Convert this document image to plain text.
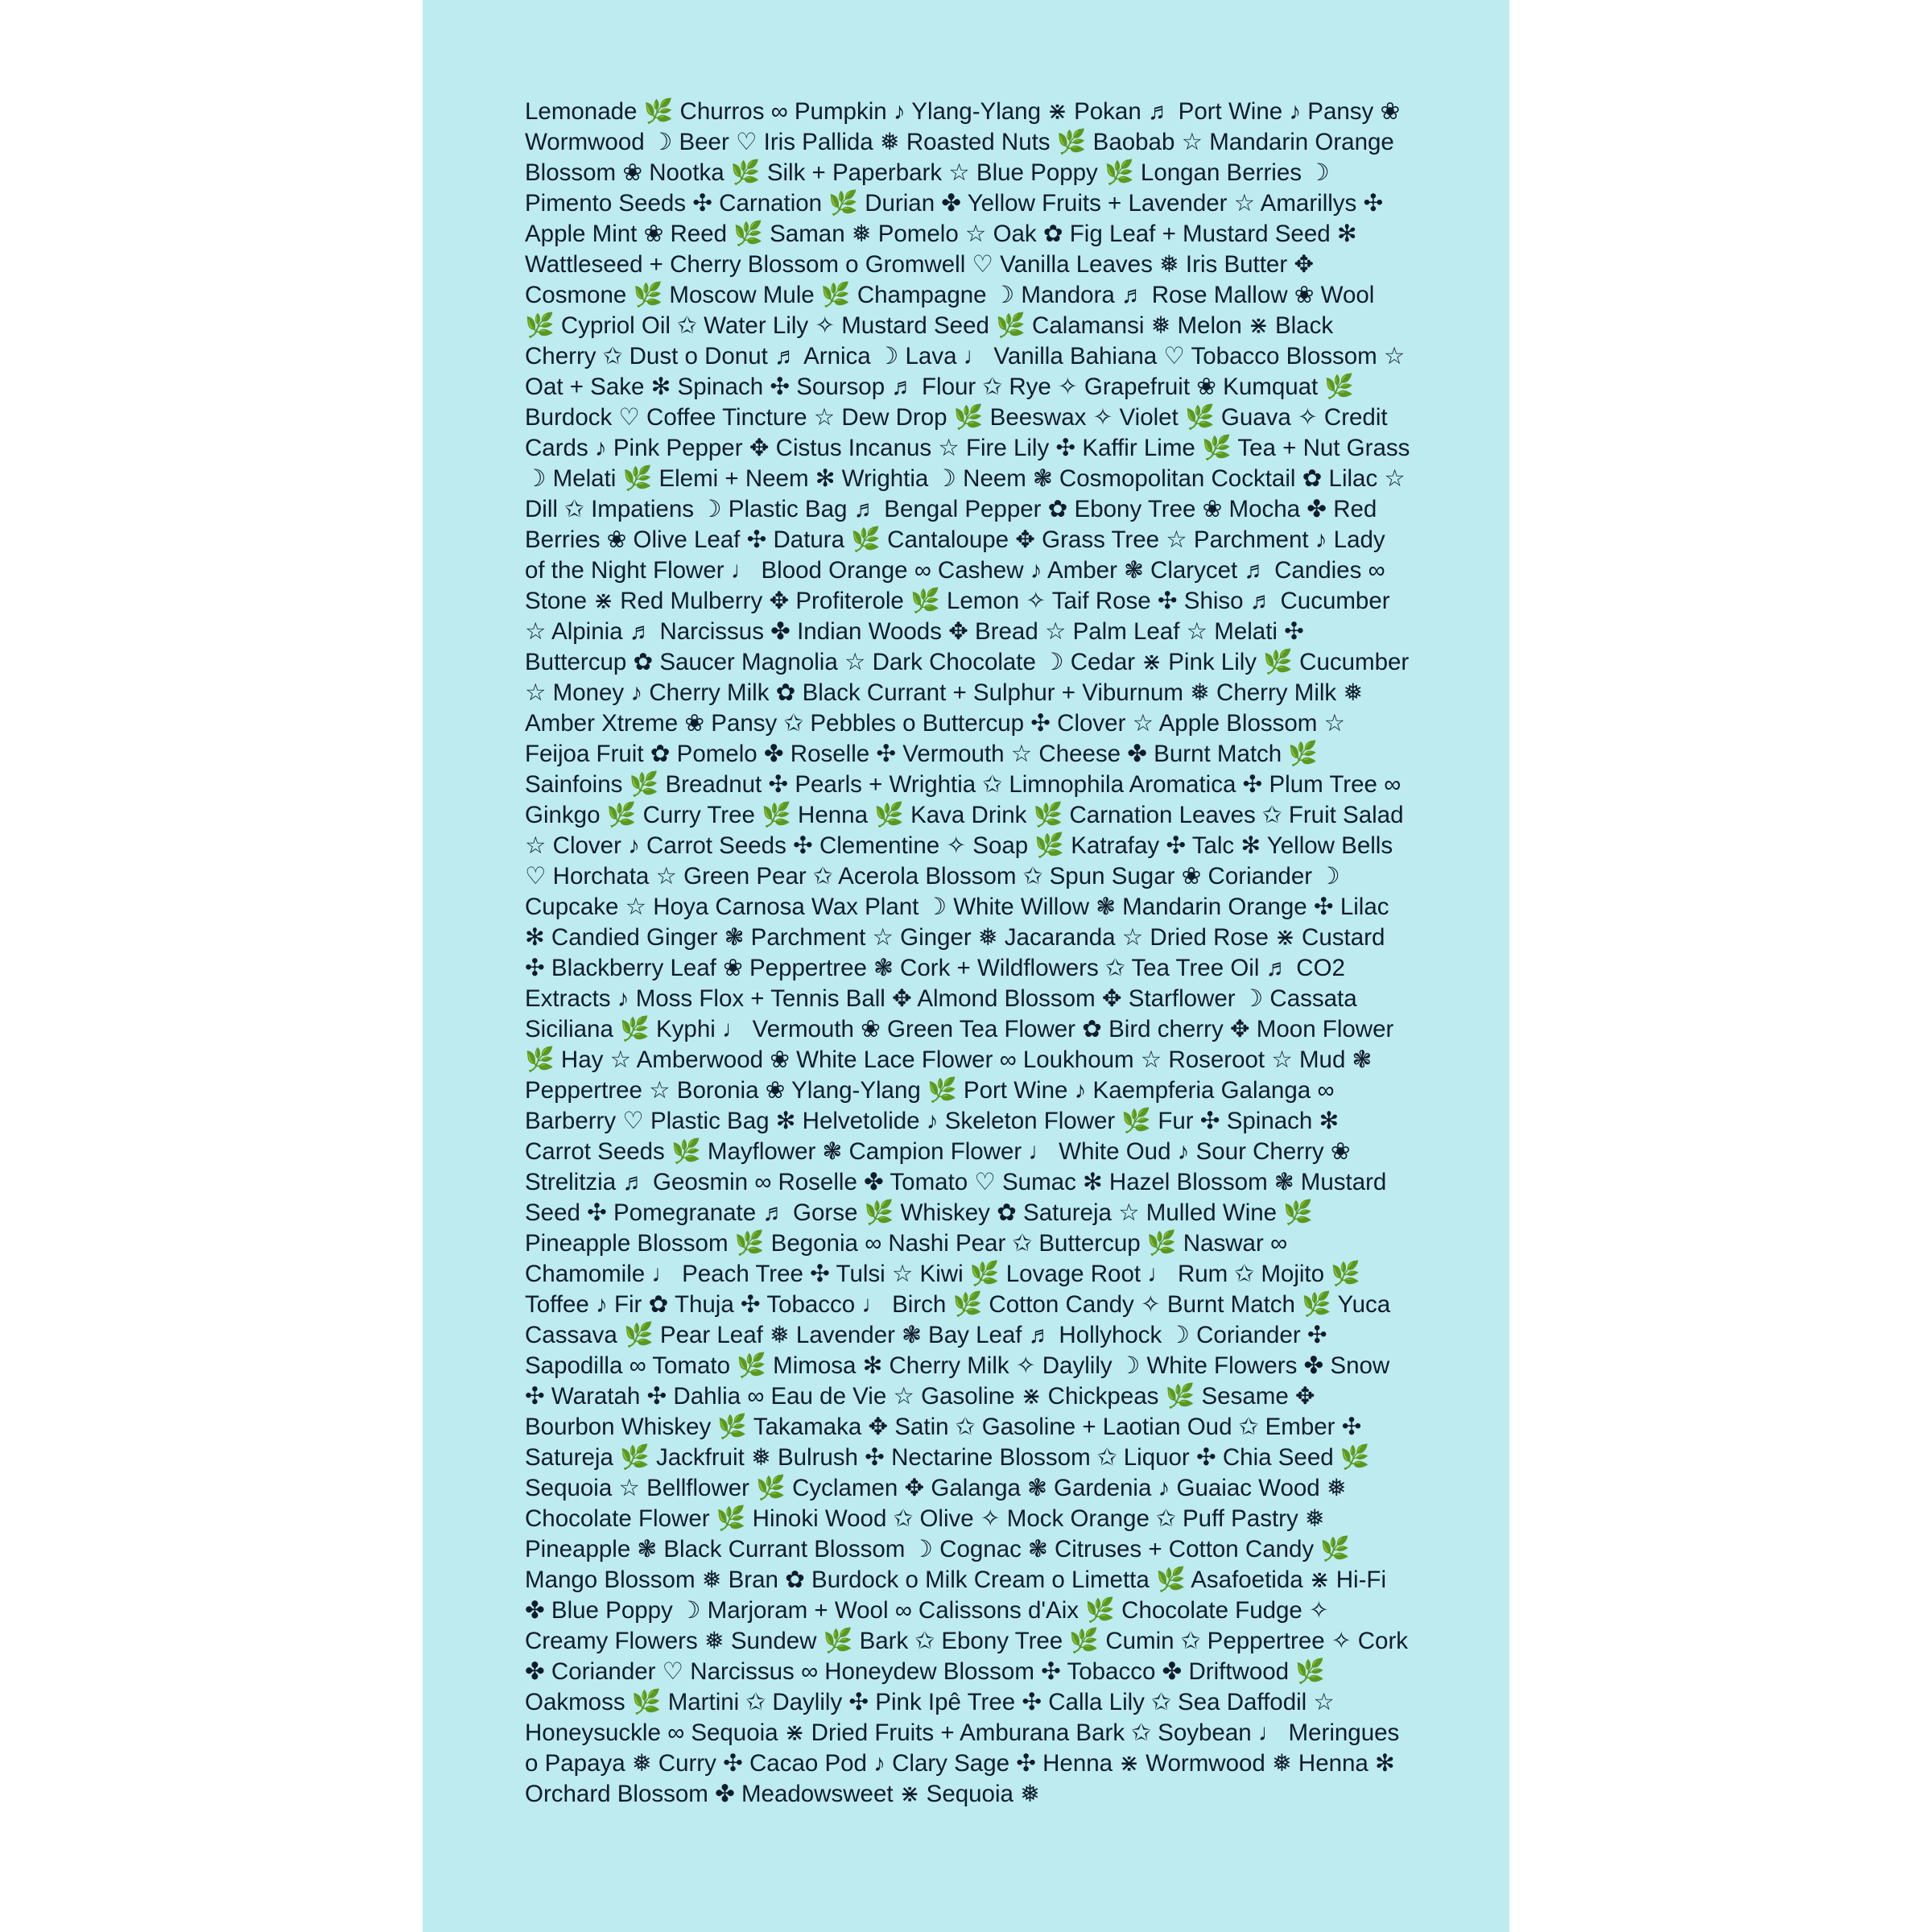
Lemonade 🌿 Churros ∞ Pumpkin ♪ Ylang-Ylang ⋇ Pokan ♬ Port Wine ♪ Pansy ❀ Wormwood ☽ Beer ♡ Iris Pallida ❅ Roasted Nuts 🌿 Baobab ☆ Mandarin Orange Blossom ❀ Nootka 🌿 Silk + Paperbark ☆ Blue Poppy 🌿 Longan Berries ☽ Pimento Seeds ✣ Carnation 🌿 Durian ✤ Yellow Fruits + Lavender ☆ Amarillys ✣ Apple Mint ❀ Reed 🌿 Saman ❅ Pomelo ☆ Oak ✿ Fig Leaf + Mustard Seed ✻ Wattleseed + Cherry Blossom o Gromwell ♡ Vanilla Leaves ❅ Iris Butter ✥ Cosmone 🌿 Moscow Mule 🌿 Champagne ☽ Mandora ♬ Rose Mallow ❀ Wool 🌿 Cypriol Oil ✩ Water Lily ✧ Mustard Seed 🌿 Calamansi ❅ Melon ⋇ Black Cherry ✩ Dust o Donut ♬ Arnica ☽ Lava ♩ Vanilla Bahiana ♡ Tobacco Blossom ☆ Oat + Sake ✻ Spinach ✣ Soursop ♬ Flour ✩ Rye ✧ Grapefruit ❀ Kumquat 🌿 Burdock ♡ Coffee Tincture ☆ Dew Drop 🌿 Beeswax ✧ Violet 🌿 Guava ✧ Credit Cards ♪ Pink Pepper ✥ Cistus Incanus ☆ Fire Lily ✣ Kaffir Lime 🌿 Tea + Nut Grass ☽ Melati 🌿 Elemi + Neem ✻ Wrightia ☽ Neem ❃ Cosmopolitan Cocktail ✿ Lilac ☆ Dill ✩ Impatiens ☽ Plastic Bag ♬ Bengal Pepper ✿ Ebony Tree ❀ Mocha ✤ Red Berries ❀ Olive Leaf ✣ Datura 🌿 Cantaloupe ✥ Grass Tree ☆ Parchment ♪ Lady of the Night Flower ♩ Blood Orange ∞ Cashew ♪ Amber ❃ Clarycet ♬ Candies ∞ Stone ⋇ Red Mulberry ✥ Profiterole 🌿 Lemon ✧ Taif Rose ✣ Shiso ♬ Cucumber ☆ Alpinia ♬ Narcissus ✤ Indian Woods ✥ Bread ☆ Palm Leaf ☆ Melati ✣ Buttercup ✿ Saucer Magnolia ☆ Dark Chocolate ☽ Cedar ⋇ Pink Lily 🌿 Cucumber ☆ Money ♪ Cherry Milk ✿ Black Currant + Sulphur + Viburnum ❅ Cherry Milk ❅ Amber Xtreme ❀ Pansy ✩ Pebbles o Buttercup ✣ Clover ☆ Apple Blossom ☆ Feijoa Fruit ✿ Pomelo ✤ Roselle ✣ Vermouth ☆ Cheese ✤ Burnt Match 🌿 Sainfoins 🌿 Breadnut ✣ Pearls + Wrightia ✩ Limnophila Aromatica ✣ Plum Tree ∞ Ginkgo 🌿 Curry Tree 🌿 Henna 🌿 Kava Drink 🌿 Carnation Leaves ✩ Fruit Salad ☆ Clover ♪ Carrot Seeds ✣ Clementine ✧ Soap 🌿 Katrafay ✣ Talc ✻ Yellow Bells ♡ Horchata ☆ Green Pear ✩ Acerola Blossom ✩ Spun Sugar ❀ Coriander ☽ Cupcake ☆ Hoya Carnosa Wax Plant ☽ White Willow ❃ Mandarin Orange ✣ Lilac ✻ Candied Ginger ❃ Parchment ☆ Ginger ❅ Jacaranda ☆ Dried Rose ⋇ Custard ✣ Blackberry Leaf ❀ Peppertree ❃ Cork + Wildflowers ✩ Tea Tree Oil ♬ CO2 Extracts ♪ Moss Flox + Tennis Ball ✥ Almond Blossom ✥ Starflower ☽ Cassata Siciliana 🌿 Kyphi ♩ Vermouth ❀ Green Tea Flower ✿ Bird cherry ✥ Moon Flower 🌿 Hay ☆ Amberwood ❀ White Lace Flower ∞ Loukhoum ☆ Roseroot ☆ Mud ❃ Peppertree ☆ Boronia ❀ Ylang-Ylang 🌿 Port Wine ♪ Kaempferia Galanga ∞ Barberry ♡ Plastic Bag ✻ Helvetolide ♪ Skeleton Flower 🌿 Fur ✣ Spinach ✻ Carrot Seeds 🌿 Mayflower ❃ Campion Flower ♩ White Oud ♪ Sour Cherry ❀ Strelitzia ♬ Geosmin ∞ Roselle ✤ Tomato ♡ Sumac ✻ Hazel Blossom ❃ Mustard Seed ✣ Pomegranate ♬ Gorse 🌿 Whiskey ✿ Satureja ☆ Mulled Wine 🌿 Pineapple Blossom 🌿 Begonia ∞ Nashi Pear ✩ Buttercup 🌿 Naswar ∞ Chamomile ♩ Peach Tree ✣ Tulsi ☆ Kiwi 🌿 Lovage Root ♩ Rum ✩ Mojito 🌿 Toffee ♪ Fir ✿ Thuja ✣ Tobacco ♩ Birch 🌿 Cotton Candy ✧ Burnt Match 🌿 Yuca Cassava 🌿 Pear Leaf ❅ Lavender ❃ Bay Leaf ♬ Hollyhock ☽ Coriander ✣ Sapodilla ∞ Tomato 🌿 Mimosa ✻ Cherry Milk ✧ Daylily ☽ White Flowers ✤ Snow ✣ Waratah ✣ Dahlia ∞ Eau de Vie ☆ Gasoline ⋇ Chickpeas 🌿 Sesame ✥ Bourbon Whiskey 🌿 Takamaka ✥ Satin ✩ Gasoline + Laotian Oud ✩ Ember ✣ Satureja 🌿 Jackfruit ❅ Bulrush ✣ Nectarine Blossom ✩ Liquor ✣ Chia Seed 🌿 Sequoia ☆ Bellflower 🌿 Cyclamen ✥ Galanga ❃ Gardenia ♪ Guaiac Wood ❅ Chocolate Flower 🌿 Hinoki Wood ✩ Olive ✧ Mock Orange ✩ Puff Pastry ❅ Pineapple ❃ Black Currant Blossom ☽ Cognac ❃ Citruses + Cotton Candy 🌿 Mango Blossom ❅ Bran ✿ Burdock o Milk Cream o Limetta 🌿 Asafoetida ⋇ Hi-Fi ✤ Blue Poppy ☽ Marjoram + Wool ∞ Calissons d'Aix 🌿 Chocolate Fudge ✧ Creamy Flowers ❅ Sundew 🌿 Bark ✩ Ebony Tree 🌿 Cumin ✩ Peppertree ✧ Cork ✤ Coriander ♡ Narcissus ∞ Honeydew Blossom ✣ Tobacco ✤ Driftwood 🌿 Oakmoss 🌿 Martini ✩ Daylily ✣ Pink Ipê Tree ✣ Calla Lily ✩ Sea Daffodil ☆ Honeysuckle ∞ Sequoia ⋇ Dried Fruits + Amburana Bark ✩ Soybean ♩ Meringues o Papaya ❅ Curry ✣ Cacao Pod ♪ Clary Sage ✣ Henna ⋇ Wormwood ❅ Henna ✻ Orchard Blossom ✤ Meadowsweet ⋇ Sequoia ❅
